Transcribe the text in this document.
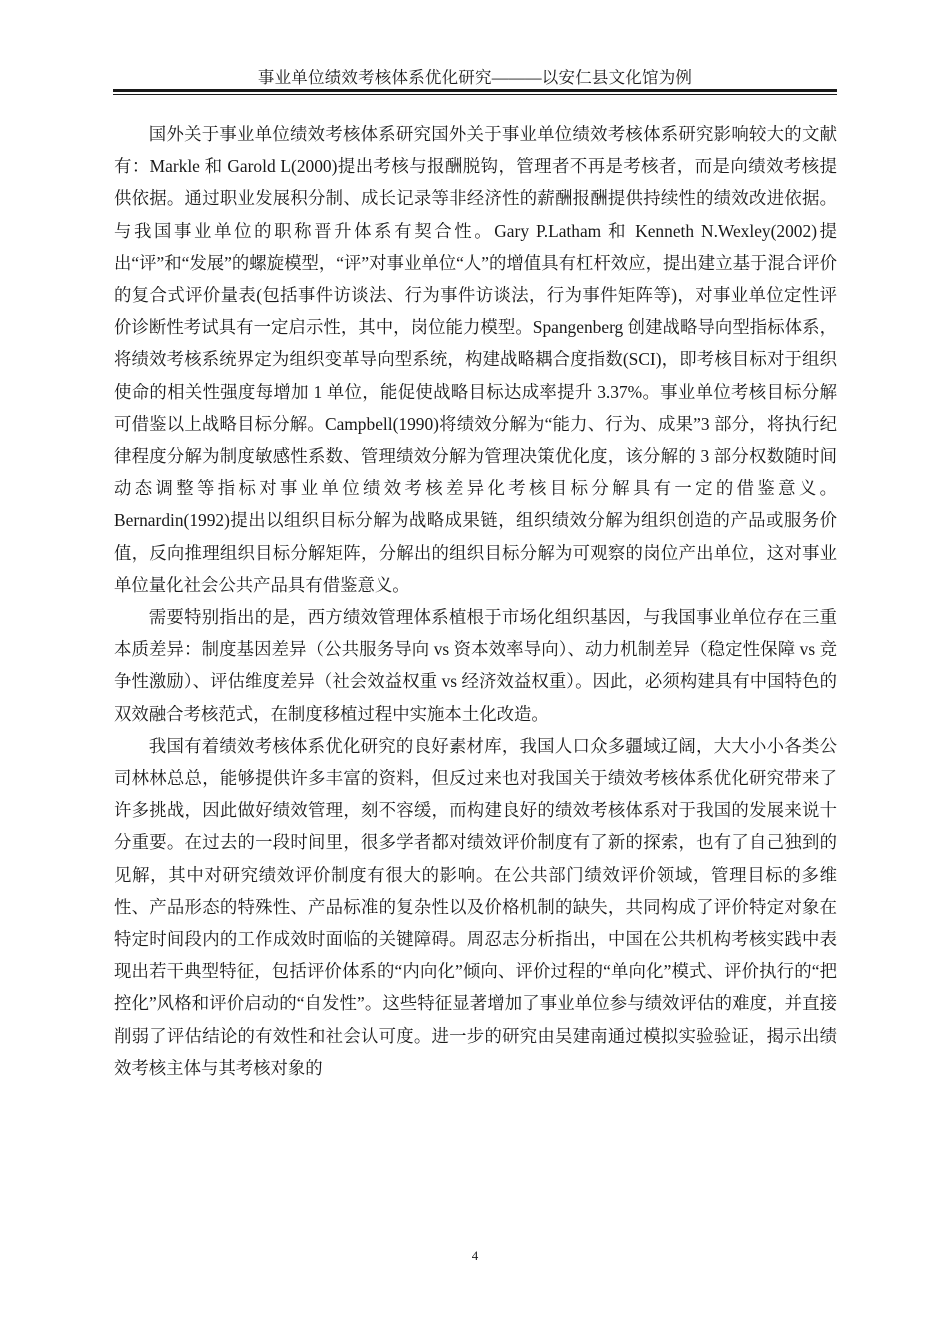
事业单位绩效考核体系优化研究———以安仁县文化馆为例

国外关于事业单位绩效考核体系研究国外关于事业单位绩效考核体系研究影响较大的文献有：Markle 和 Garold L(2000)提出考核与报酬脱钩，管理者不再是考核者，而是向绩效考核提供依据。通过职业发展积分制、成长记录等非经济性的薪酬报酬提供持续性的绩效改进依据。与我国事业单位的职称晋升体系有契合性。Gary P.Latham 和 Kenneth N.Wexley(2002)提出“评”和“发展”的螺旋模型，“评”对事业单位“人”的增值具有杠杆效应，提出建立基于混合评价的复合式评价量表(包括事件访谈法、行为事件访谈法，行为事件矩阵等)，对事业单位定性评价诊断性考试具有一定启示性，其中，岗位能力模型。Spangenberg 创建战略导向型指标体系，将绩效考核系统界定为组织变革导向型系统，构建战略耦合度指数(SCI)，即考核目标对于组织使命的相关性强度每增加 1 单位，能促使战略目标达成率提升 3.37%。事业单位考核目标分解可借鉴以上战略目标分解。Campbell(1990)将绩效分解为“能力、行为、成果”3 部分，将执行纪律程度分解为制度敏感性系数、管理绩效分解为管理决策优化度，该分解的 3 部分权数随时间动态调整等指标对事业单位绩效考核差异化考核目标分解具有一定的借鉴意义。Bernardin(1992)提出以组织目标分解为战略成果链，组织绩效分解为组织创造的产品或服务价值，反向推理组织目标分解矩阵，分解出的组织目标分解为可观察的岗位产出单位，这对事业单位量化社会公共产品具有借鉴意义。

需要特别指出的是，西方绩效管理体系植根于市场化组织基因，与我国事业单位存在三重本质差异：制度基因差异（公共服务导向 vs 资本效率导向）、动力机制差异（稳定性保障 vs 竞争性激励）、评估维度差异（社会效益权重 vs 经济效益权重）。因此，必须构建具有中国特色的双效融合考核范式，在制度移植过程中实施本土化改造。

我国有着绩效考核体系优化研究的良好素材库，我国人口众多疆域辽阔，大大小小各类公司林林总总，能够提供许多丰富的资料，但反过来也对我国关于绩效考核体系优化研究带来了许多挑战，因此做好绩效管理，刻不容缓，而构建良好的绩效考核体系对于我国的发展来说十分重要。在过去的一段时间里，很多学者都对绩效评价制度有了新的探索，也有了自己独到的见解，其中对研究绩效评价制度有很大的影响。在公共部门绩效评价领域，管理目标的多维性、产品形态的特殊性、产品标准的复杂性以及价格机制的缺失，共同构成了评价特定对象在特定时间段内的工作成效时面临的关键障碍。周忍志分析指出，中国在公共机构考核实践中表现出若干典型特征，包括评价体系的“内向化”倾向、评价过程的“单向化”模式、评价执行的“把控化”风格和评价启动的“自发性”。这些特征显著增加了事业单位参与绩效评估的难度，并直接削弱了评估结论的有效性和社会认可度。进一步的研究由吴建南通过模拟实验验证，揭示出绩效考核主体与其考核对象的

4
